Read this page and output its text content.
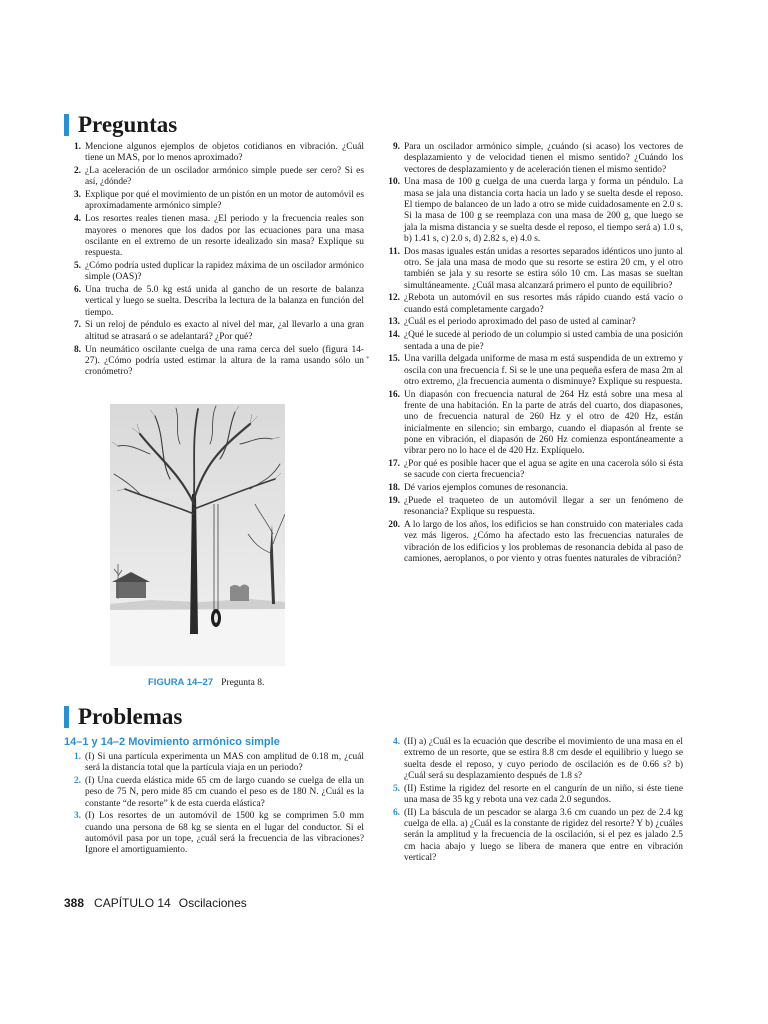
Preguntas
1. Mencione algunos ejemplos de objetos cotidianos en vibración. ¿Cuál tiene un MAS, por lo menos aproximado?
2. ¿La aceleración de un oscilador armónico simple puede ser cero? Si es así, ¿dónde?
3. Explique por qué el movimiento de un pistón en un motor de automóvil es aproximadamente armónico simple?
4. Los resortes reales tienen masa. ¿El periodo y la frecuencia reales son mayores o menores que los dados por las ecuaciones para una masa oscilante en el extremo de un resorte idealizado sin masa? Explique su respuesta.
5. ¿Cómo podría usted duplicar la rapidez máxima de un oscilador armónico simple (OAS)?
6. Una trucha de 5.0 kg está unida al gancho de un resorte de balanza vertical y luego se suelta. Describa la lectura de la balanza en función del tiempo.
7. Si un reloj de péndulo es exacto al nivel del mar, ¿al llevarlo a una gran altitud se atrasará o se adelantará? ¿Por qué?
8. Un neumático oscilante cuelga de una rama cerca del suelo (figura 14-27). ¿Cómo podría usted estimar la altura de la rama usando sólo un cronómetro?
FIGURA 14–27 Pregunta 8.
9. Para un oscilador armónico simple, ¿cuándo (si acaso) los vectores de desplazamiento y de velocidad tienen el mismo sentido? ¿Cuándo los vectores de desplazamiento y de aceleración tienen el mismo sentido?
10. Una masa de 100 g cuelga de una cuerda larga y forma un péndulo. La masa se jala una distancia corta hacia un lado y se suelta desde el reposo. El tiempo de balanceo de un lado a otro se mide cuidadosamente en 2.0 s. Si la masa de 100 g se reemplaza con una masa de 200 g, que luego se jala la misma distancia y se suelta desde el reposo, el tiempo será a) 1.0 s, b) 1.41 s, c) 2.0 s, d) 2.82 s, e) 4.0 s.
11. Dos masas iguales están unidas a resortes separados idénticos uno junto al otro. Se jala una masa de modo que su resorte se estira 20 cm, y el otro también se jala y su resorte se estira sólo 10 cm. Las masas se sueltan simultáneamente. ¿Cuál masa alcanzará primero el punto de equilibrio?
12. ¿Rebota un automóvil en sus resortes más rápido cuando está vacío o cuando está completamente cargado?
13. ¿Cuál es el periodo aproximado del paso de usted al caminar?
14. ¿Qué le sucede al periodo de un columpio si usted cambia de una posición sentada a una de pie?
*	15. Una varilla delgada uniforme de masa m está suspendida de un extremo y oscila con una frecuencia f. Si se le une una pequeña esfera de masa 2m al otro extremo, ¿la frecuencia aumenta o disminuye? Explique su respuesta.
16. Un diapasón con frecuencia natural de 264 Hz está sobre una mesa al frente de una habitación. En la parte de atrás del cuarto, dos diapasones, uno de frecuencia natural de 260 Hz y el otro de 420 Hz, están inicialmente en silencio; sin embargo, cuando el diapasón al frente se pone en vibración, el diapasón de 260 Hz comienza espontáneamente a vibrar pero no lo hace el de 420 Hz. Explíquelo.
17. ¿Por qué es posible hacer que el agua se agite en una cacerola sólo si ésta se sacude con cierta frecuencia?
18. Dé varios ejemplos comunes de resonancia.
19. ¿Puede el traqueteo de un automóvil llegar a ser un fenómeno de resonancia? Explique su respuesta.
20. A lo largo de los años, los edificios se han construido con materiales cada vez más ligeros. ¿Cómo ha afectado esto las frecuencias naturales de vibración de los edificios y los problemas de resonancia debida al paso de camiones, aeroplanos, o por viento y otras fuentes naturales de vibración?
Problemas
14–1 y 14–2 Movimiento armónico simple
1. (I) Si una partícula experimenta un MAS con amplitud de 0.18 m, ¿cuál será la distancia total que la partícula viaja en un periodo?
2. (I) Una cuerda elástica mide 65 cm de largo cuando se cuelga de ella un peso de 75 N, pero mide 85 cm cuando el peso es de 180 N. ¿Cuál es la constante “de resorte” k de esta cuerda elástica?
3. (I) Los resortes de un automóvil de 1500 kg se comprimen 5.0 mm cuando una persona de 68 kg se sienta en el lugar del conductor. Si el automóvil pasa por un tope, ¿cuál será la frecuencia de las vibraciones? Ignore el amortiguamiento.
4. (II) a) ¿Cuál es la ecuación que describe el movimiento de una masa en el extremo de un resorte, que se estira 8.8 cm desde el equilibrio y luego se suelta desde el reposo, y cuyo periodo de oscilación es de 0.66 s? b) ¿Cuál será su desplazamiento después de 1.8 s?
5. (II) Estime la rigidez del resorte en el cangurín de un niño, si éste tiene una masa de 35 kg y rebota una vez cada 2.0 segundos.
6. (II) La báscula de un pescador se alarga 3.6 cm cuando un pez de 2.4 kg cuelga de ella. a) ¿Cuál es la constante de rigidez del resorte? Y b) ¿cuáles serán la amplitud y la frecuencia de la oscilación, si el pez es jalado 2.5 cm hacia abajo y luego se libera de manera que entre en vibración vertical?
388 CAPÍTULO 14 Oscilaciones
